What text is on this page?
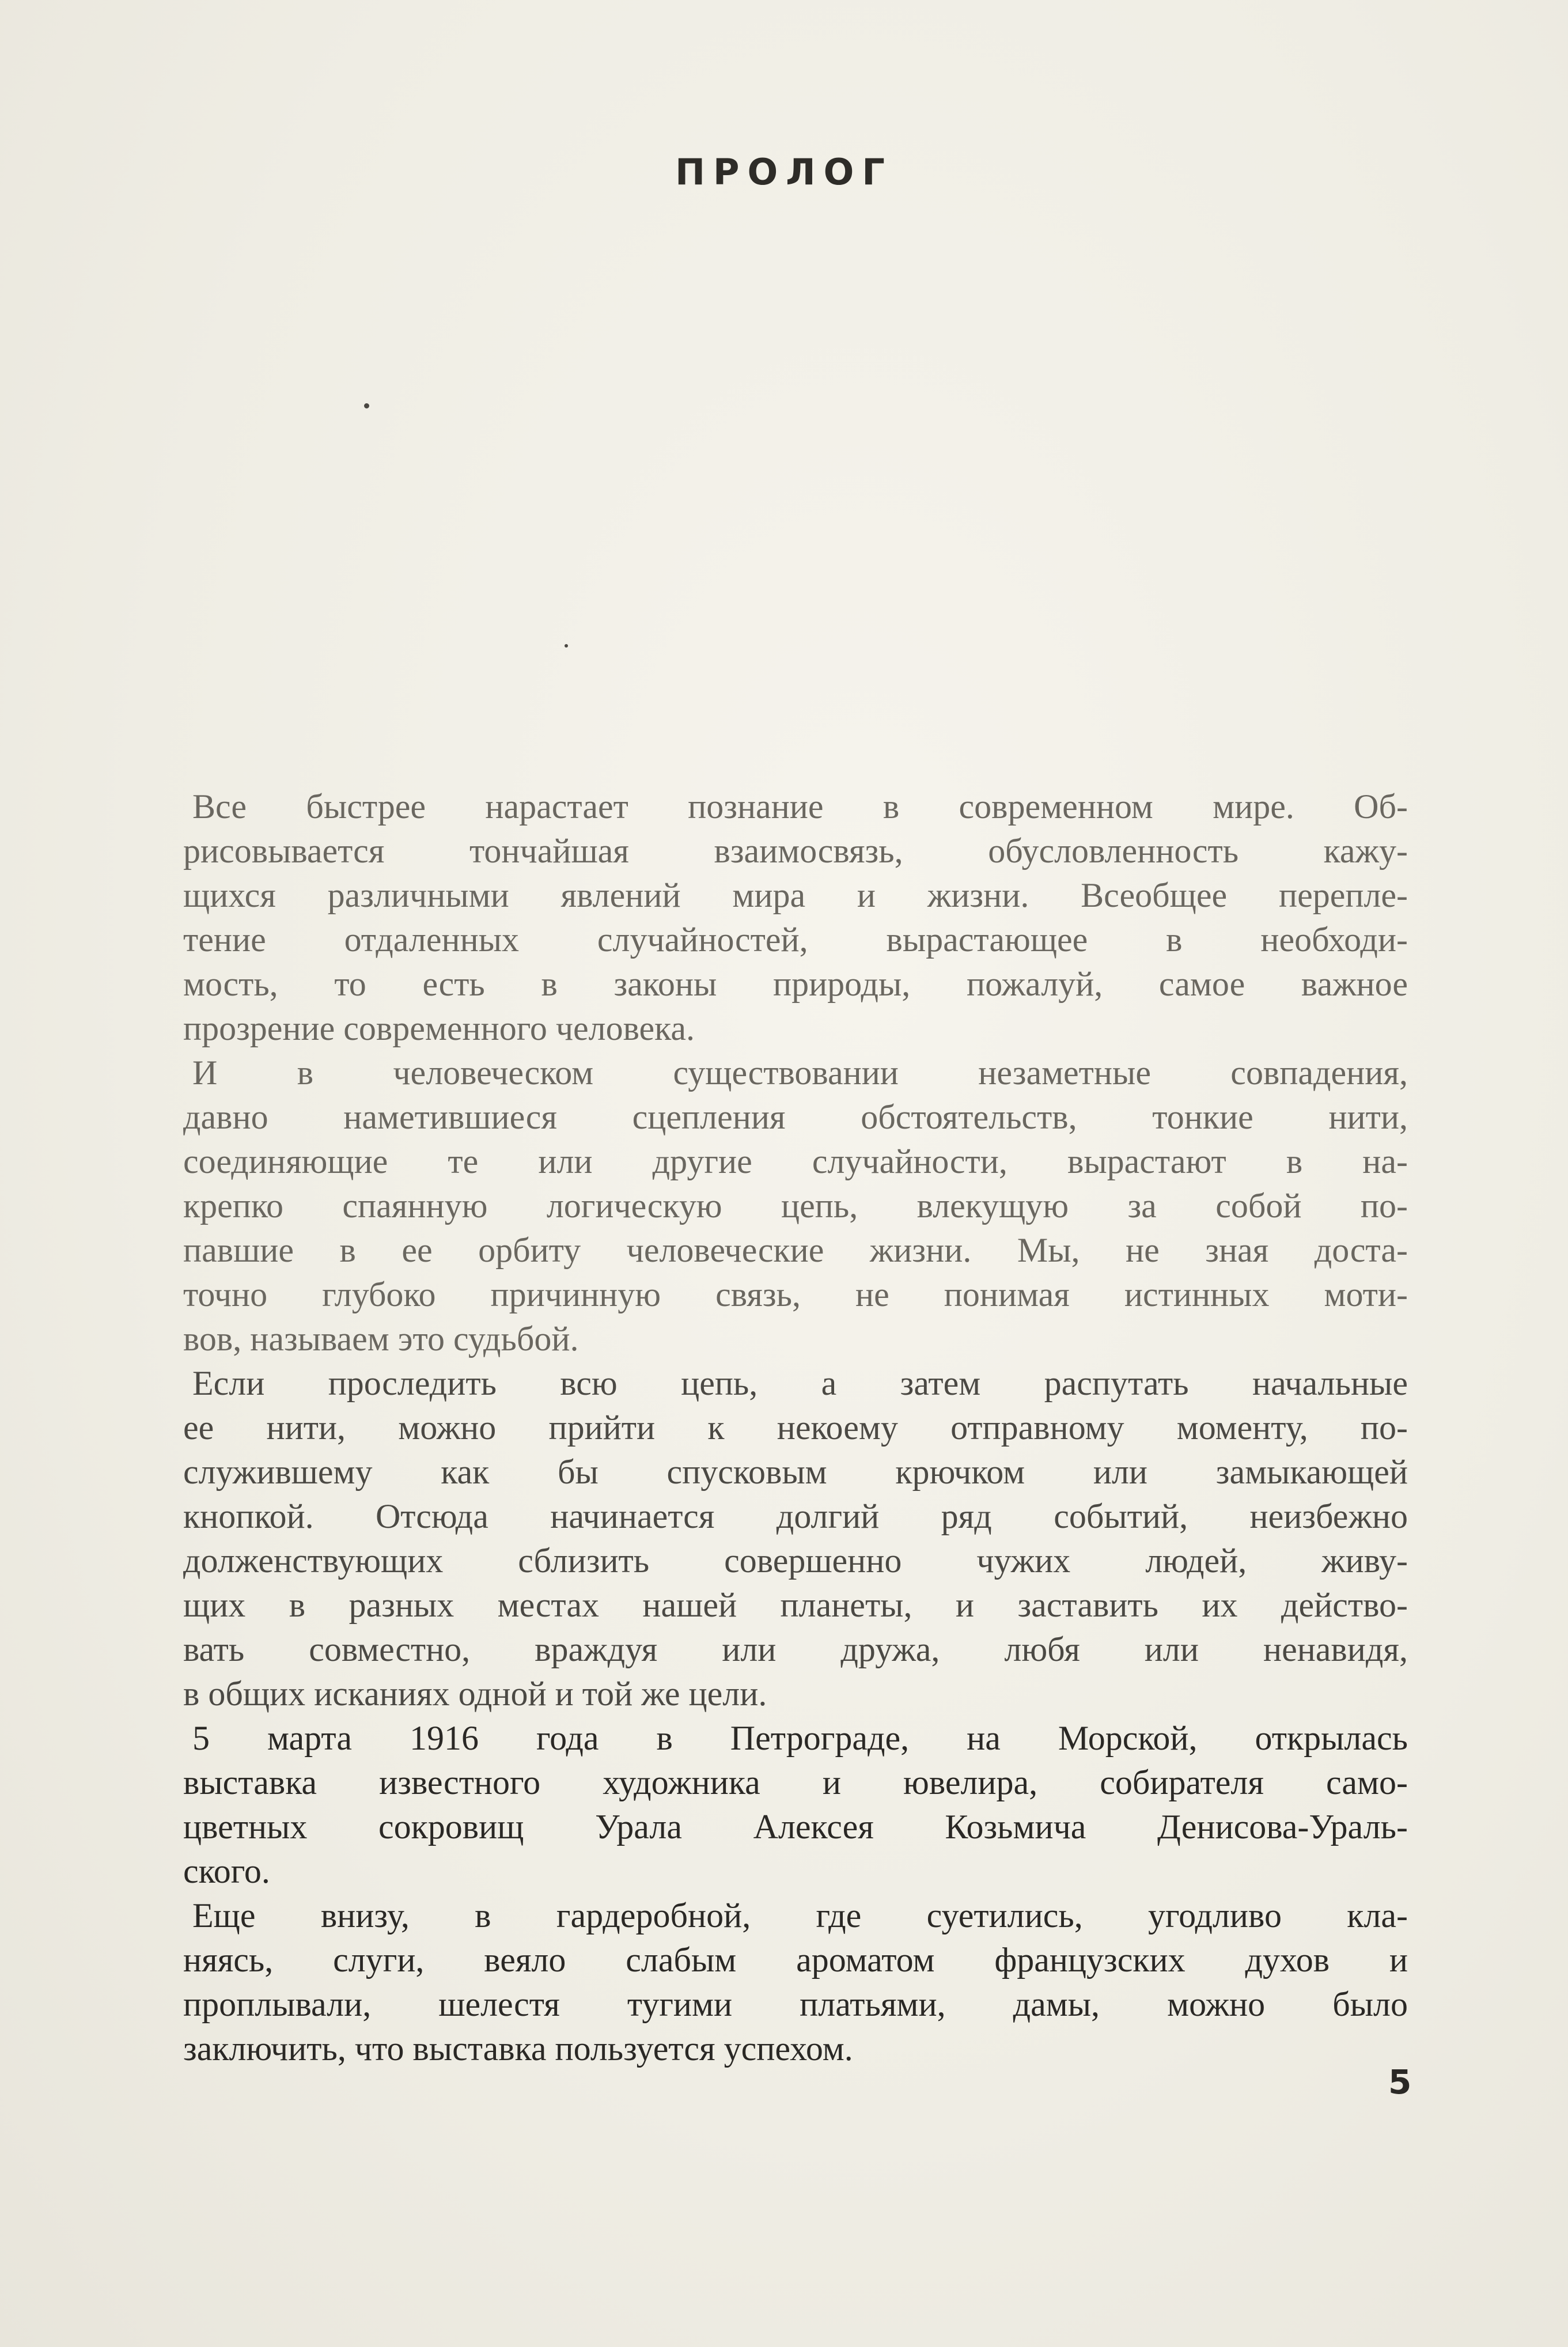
ПРОЛОГ
Все быстрее нарастает познание в современном мире. Об-
рисовывается тончайшая взаимосвязь, обусловленность кажу-
щихся различными явлений мира и жизни. Всеобщее перепле-
тение отдаленных случайностей, вырастающее в необходи-
мость, то есть в законы природы, пожалуй, самое важное
прозрение современного человека.
И в человеческом существовании незаметные совпадения,
давно наметившиеся сцепления обстоятельств, тонкие нити,
соединяющие те или другие случайности, вырастают в на-
крепко спаянную логическую цепь, влекущую за собой по-
павшие в ее орбиту человеческие жизни. Мы, не зная доста-
точно глубоко причинную связь, не понимая истинных моти-
вов, называем это судьбой.
Если проследить всю цепь, а затем распутать начальные
ее нити, можно прийти к некоему отправному моменту, по-
служившему как бы спусковым крючком или замыкающей
кнопкой. Отсюда начинается долгий ряд событий, неизбежно
долженствующих сблизить совершенно чужих людей, живу-
щих в разных местах нашей планеты, и заставить их действо-
вать совместно, враждуя или дружа, любя или ненавидя,
в общих исканиях одной и той же цели.
5 марта 1916 года в Петрограде, на Морской, открылась
выставка известного художника и ювелира, собирателя само-
цветных сокровищ Урала Алексея Козьмича Денисова-Ураль-
ского.
Еще внизу, в гардеробной, где суетились, угодливо кла-
няясь, слуги, веяло слабым ароматом французских духов и
проплывали, шелестя тугими платьями, дамы, можно было
заключить, что выставка пользуется успехом.
5
